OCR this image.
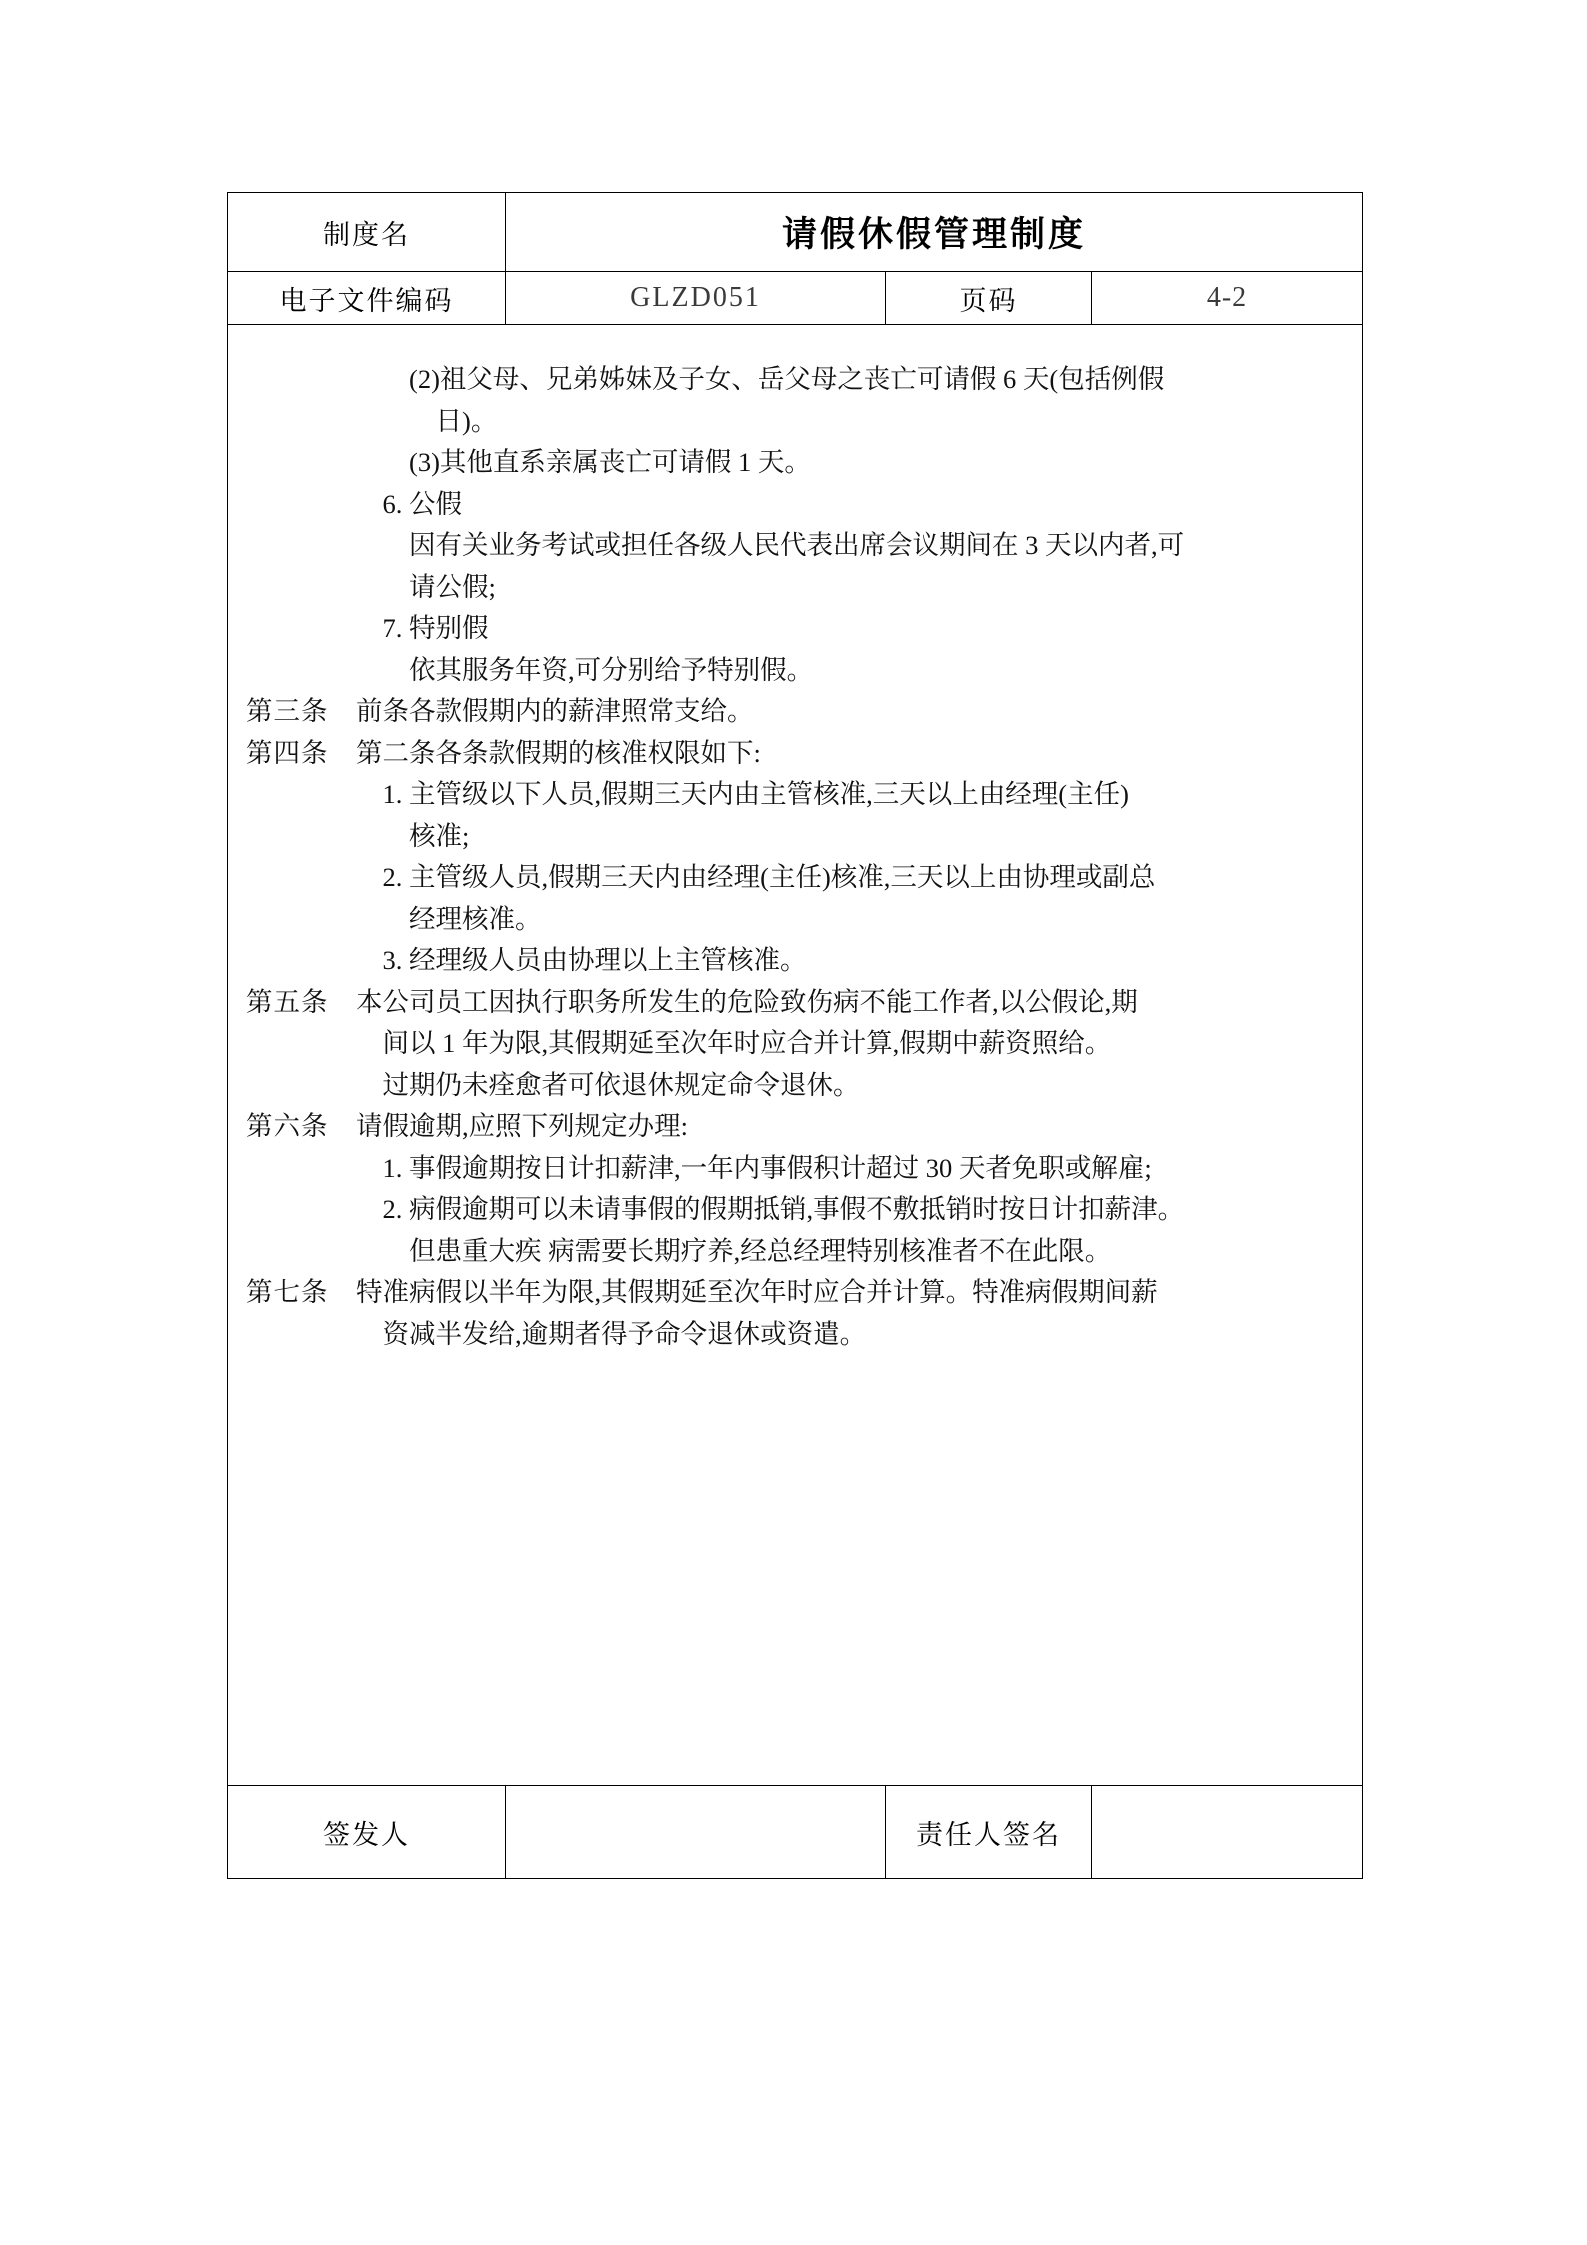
制度名	请假休假管理制度		
电子文件编码	GLZD051	页码	4-2

(2)祖父母、兄弟姊妹及子女、岳父母之丧亡可请假 6 天(包括例假
日)。
(3)其他直系亲属丧亡可请假 1 天。
6. 公假
因有关业务考试或担任各级人民代表出席会议期间在 3 天以内者,可
请公假;
7. 特别假
依其服务年资,可分别给予特别假。
第三条	前条各款假期内的薪津照常支给。
第四条	第二条各条款假期的核准权限如下:
1. 主管级以下人员,假期三天内由主管核准,三天以上由经理(主任)
核准;
2. 主管级人员,假期三天内由经理(主任)核准,三天以上由协理或副总
经理核准。
3. 经理级人员由协理以上主管核准。
第五条	本公司员工因执行职务所发生的危险致伤病不能工作者,以公假论,期
间以 1 年为限,其假期延至次年时应合并计算,假期中薪资照给。
过期仍未痊愈者可依退休规定命令退休。
第六条	请假逾期,应照下列规定办理:
1. 事假逾期按日计扣薪津,一年内事假积计超过 30 天者免职或解雇;
2. 病假逾期可以未请事假的假期抵销,事假不敷抵销时按日计扣薪津。
但患重大疾 病需要长期疗养,经总经理特别核准者不在此限。
第七条	特准病假以半年为限,其假期延至次年时应合并计算。特准病假期间薪
资减半发给,逾期者得予命令退休或资遣。

签发人		责任人签名	
